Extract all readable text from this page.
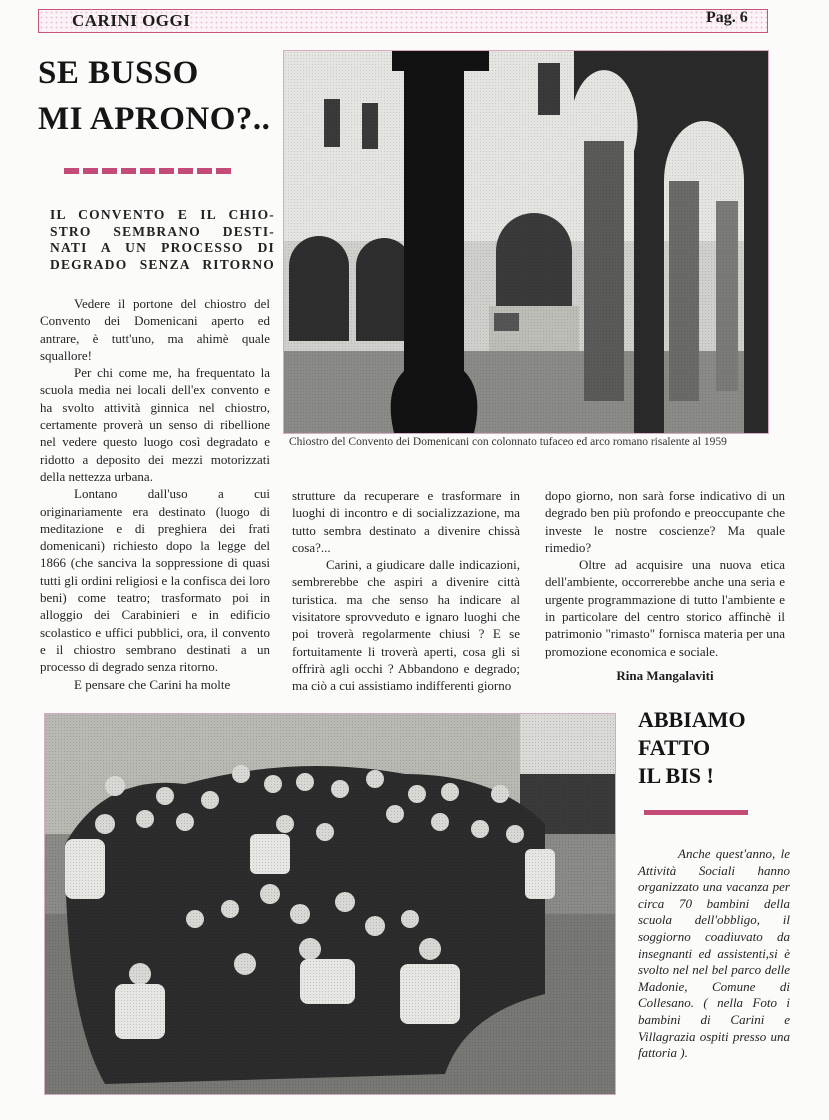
CARINI OGGI	Pag. 6
SE BUSSO
MI APRONO?..
IL CONVENTO E IL CHIO-
STRO SEMBRANO DESTI-
NATI A UN PROCESSO DI
DEGRADO SENZA RITORNO
Chiostro del Convento dei Domenicani con colonnato tufaceo ed arco romano risalente al 1959

Vedere il portone del chiostro del Convento dei Domenicani aperto ed antrare, è tutt'uno, ma ahimè quale squallore!

Per chi come me, ha frequentato la scuola media nei locali dell'ex convento e ha svolto attività ginnica nel chiostro, certamente proverà un senso di ribellione nel vedere questo luogo così degradato e ridotto a deposito dei mezzi motorizzati della nettezza urbana.

Lontano dall'uso a cui originariamente era destinato (luogo di meditazione e di preghiera dei frati domenicani) richiesto dopo la legge del 1866 (che sanciva la soppressione di quasi tutti gli ordini religiosi e la confisca dei loro beni) come teatro; trasformato poi in alloggio dei Carabinieri e in edificio scolastico e uffici pubblici, ora, il convento e il chiostro sembrano destinati a un processo di degrado senza ritorno.

E pensare che Carini ha molte

strutture da recuperare e trasformare in luoghi di incontro e di socializzazione, ma tutto sembra destinato a divenire chissà cosa?...

Carini, a giudicare dalle indicazioni, sembrerebbe che aspiri a divenire città turistica. ma che senso ha indicare al visitatore sprovveduto e ignaro luoghi che poi troverà regolarmente chiusi ? E se fortuitamente li troverà aperti, cosa gli si offrirà agli occhi ? Abbandono e degrado; ma ciò a cui assistiamo indifferenti giorno

dopo giorno, non sarà forse indicativo di un degrado ben più profondo e preoccupante che investe le nostre coscienze? Ma quale rimedio?

Oltre ad acquisire una nuova etica dell'ambiente, occorrerebbe anche una seria e urgente programmazione di tutto l'ambiente e in particolare del centro storico affinchè il patrimonio "rimasto" fornisca materia per una promozione economica e sociale.

Rina Mangalaviti
ABBIAMO
FATTO
IL BIS !

Anche quest'anno, le Attività Sociali hanno organizzato una vacanza per circa 70 bambini della scuola dell'obbligo, il soggiorno coadiuvato da insegnanti ed assistenti,si è svolto nel nel bel parco delle Madonie, Comune di Collesano. ( nella Foto i bambini di Carini e Villagrazia ospiti presso una fattoria ).
